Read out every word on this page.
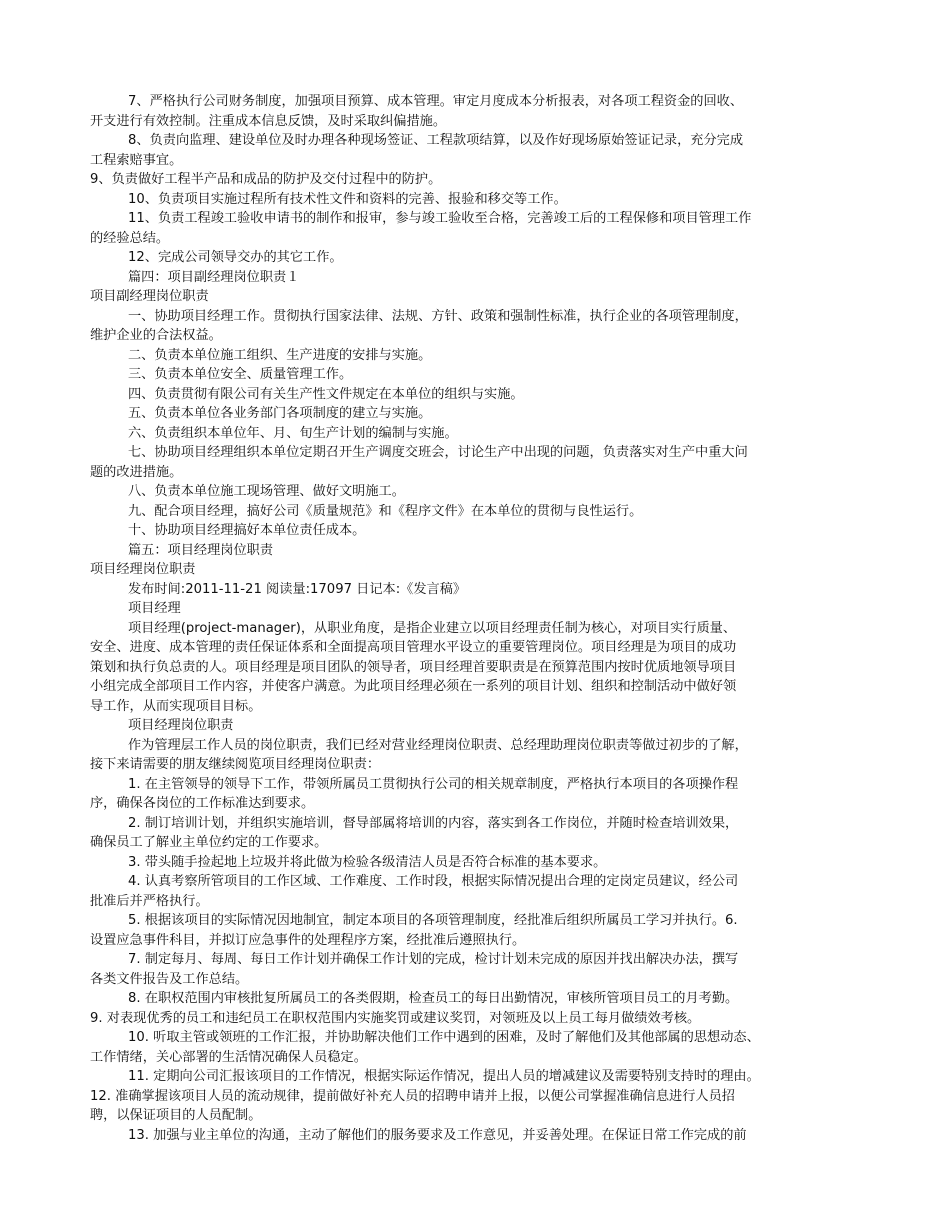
7、严格执行公司财务制度，加强项目预算、成本管理。审定月度成本分析报表，对各项工程资金的回收、
开支进行有效控制。注重成本信息反馈，及时采取纠偏措施。
8、负责向监理、建设单位及时办理各种现场签证、工程款项结算，以及作好现场原始签证记录，充分完成
工程索赔事宜。
9、负责做好工程半产品和成品的防护及交付过程中的防护。
10、负责项目实施过程所有技术性文件和资料的完善、报验和移交等工作。
11、负责工程竣工验收申请书的制作和报审，参与竣工验收至合格，完善竣工后的工程保修和项目管理工作
的经验总结。
12、完成公司领导交办的其它工作。
篇四：项目副经理岗位职责１
项目副经理岗位职责
一、协助项目经理工作。贯彻执行国家法律、法规、方针、政策和强制性标准，执行企业的各项管理制度，
维护企业的合法权益。
二、负责本单位施工组织、生产进度的安排与实施。
三、负责本单位安全、质量管理工作。
四、负责贯彻有限公司有关生产性文件规定在本单位的组织与实施。
五、负责本单位各业务部门各项制度的建立与实施。
六、负责组织本单位年、月、旬生产计划的编制与实施。
七、协助项目经理组织本单位定期召开生产调度交班会，讨论生产中出现的问题，负责落实对生产中重大问
题的改进措施。
八、负责本单位施工现场管理、做好文明施工。
九、配合项目经理，搞好公司《质量规范》和《程序文件》在本单位的贯彻与良性运行。
十、协助项目经理搞好本单位责任成本。
篇五：项目经理岗位职责
项目经理岗位职责
发布时间:2011-11-21 阅读量:17097 日记本:《发言稿》
项目经理
项目经理(project-manager)，从职业角度，是指企业建立以项目经理责任制为核心，对项目实行质量、
安全、进度、成本管理的责任保证体系和全面提高项目管理水平设立的重要管理岗位。项目经理是为项目的成功
策划和执行负总责的人。项目经理是项目团队的领导者，项目经理首要职责是在预算范围内按时优质地领导项目
小组完成全部项目工作内容，并使客户满意。为此项目经理必须在一系列的项目计划、组织和控制活动中做好领
导工作，从而实现项目目标。
项目经理岗位职责
作为管理层工作人员的岗位职责，我们已经对营业经理岗位职责、总经理助理岗位职责等做过初步的了解，
接下来请需要的朋友继续阅览项目经理岗位职责：
1. 在主管领导的领导下工作，带领所属员工贯彻执行公司的相关规章制度，严格执行本项目的各项操作程
序，确保各岗位的工作标准达到要求。
2. 制订培训计划，并组织实施培训，督导部属将培训的内容，落实到各工作岗位，并随时检查培训效果，
确保员工了解业主单位约定的工作要求。
3. 带头随手捡起地上垃圾并将此做为检验各级清洁人员是否符合标准的基本要求。
4. 认真考察所管项目的工作区域、工作难度、工作时段，根据实际情况提出合理的定岗定员建议，经公司
批准后并严格执行。
5. 根据该项目的实际情况因地制宜，制定本项目的各项管理制度，经批准后组织所属员工学习并执行。6.
设置应急事件科目，并拟订应急事件的处理程序方案，经批准后遵照执行。
7. 制定每月、每周、每日工作计划并确保工作计划的完成，检讨计划未完成的原因并找出解决办法，撰写
各类文件报告及工作总结。
8. 在职权范围内审核批复所属员工的各类假期，检查员工的每日出勤情况，审核所管项目员工的月考勤。
9. 对表现优秀的员工和违纪员工在职权范围内实施奖罚或建议奖罚，对领班及以上员工每月做绩效考核。
10. 听取主管或领班的工作汇报，并协助解决他们工作中遇到的困难，及时了解他们及其他部属的思想动态、
工作情绪，关心部署的生活情况确保人员稳定。
11. 定期向公司汇报该项目的工作情况，根据实际运作情况，提出人员的增减建议及需要特别支持时的理由。
12. 准确掌握该项目人员的流动规律，提前做好补充人员的招聘申请并上报，以便公司掌握准确信息进行人员招
聘，以保证项目的人员配制。
13. 加强与业主单位的沟通，主动了解他们的服务要求及工作意见，并妥善处理。在保证日常工作完成的前
